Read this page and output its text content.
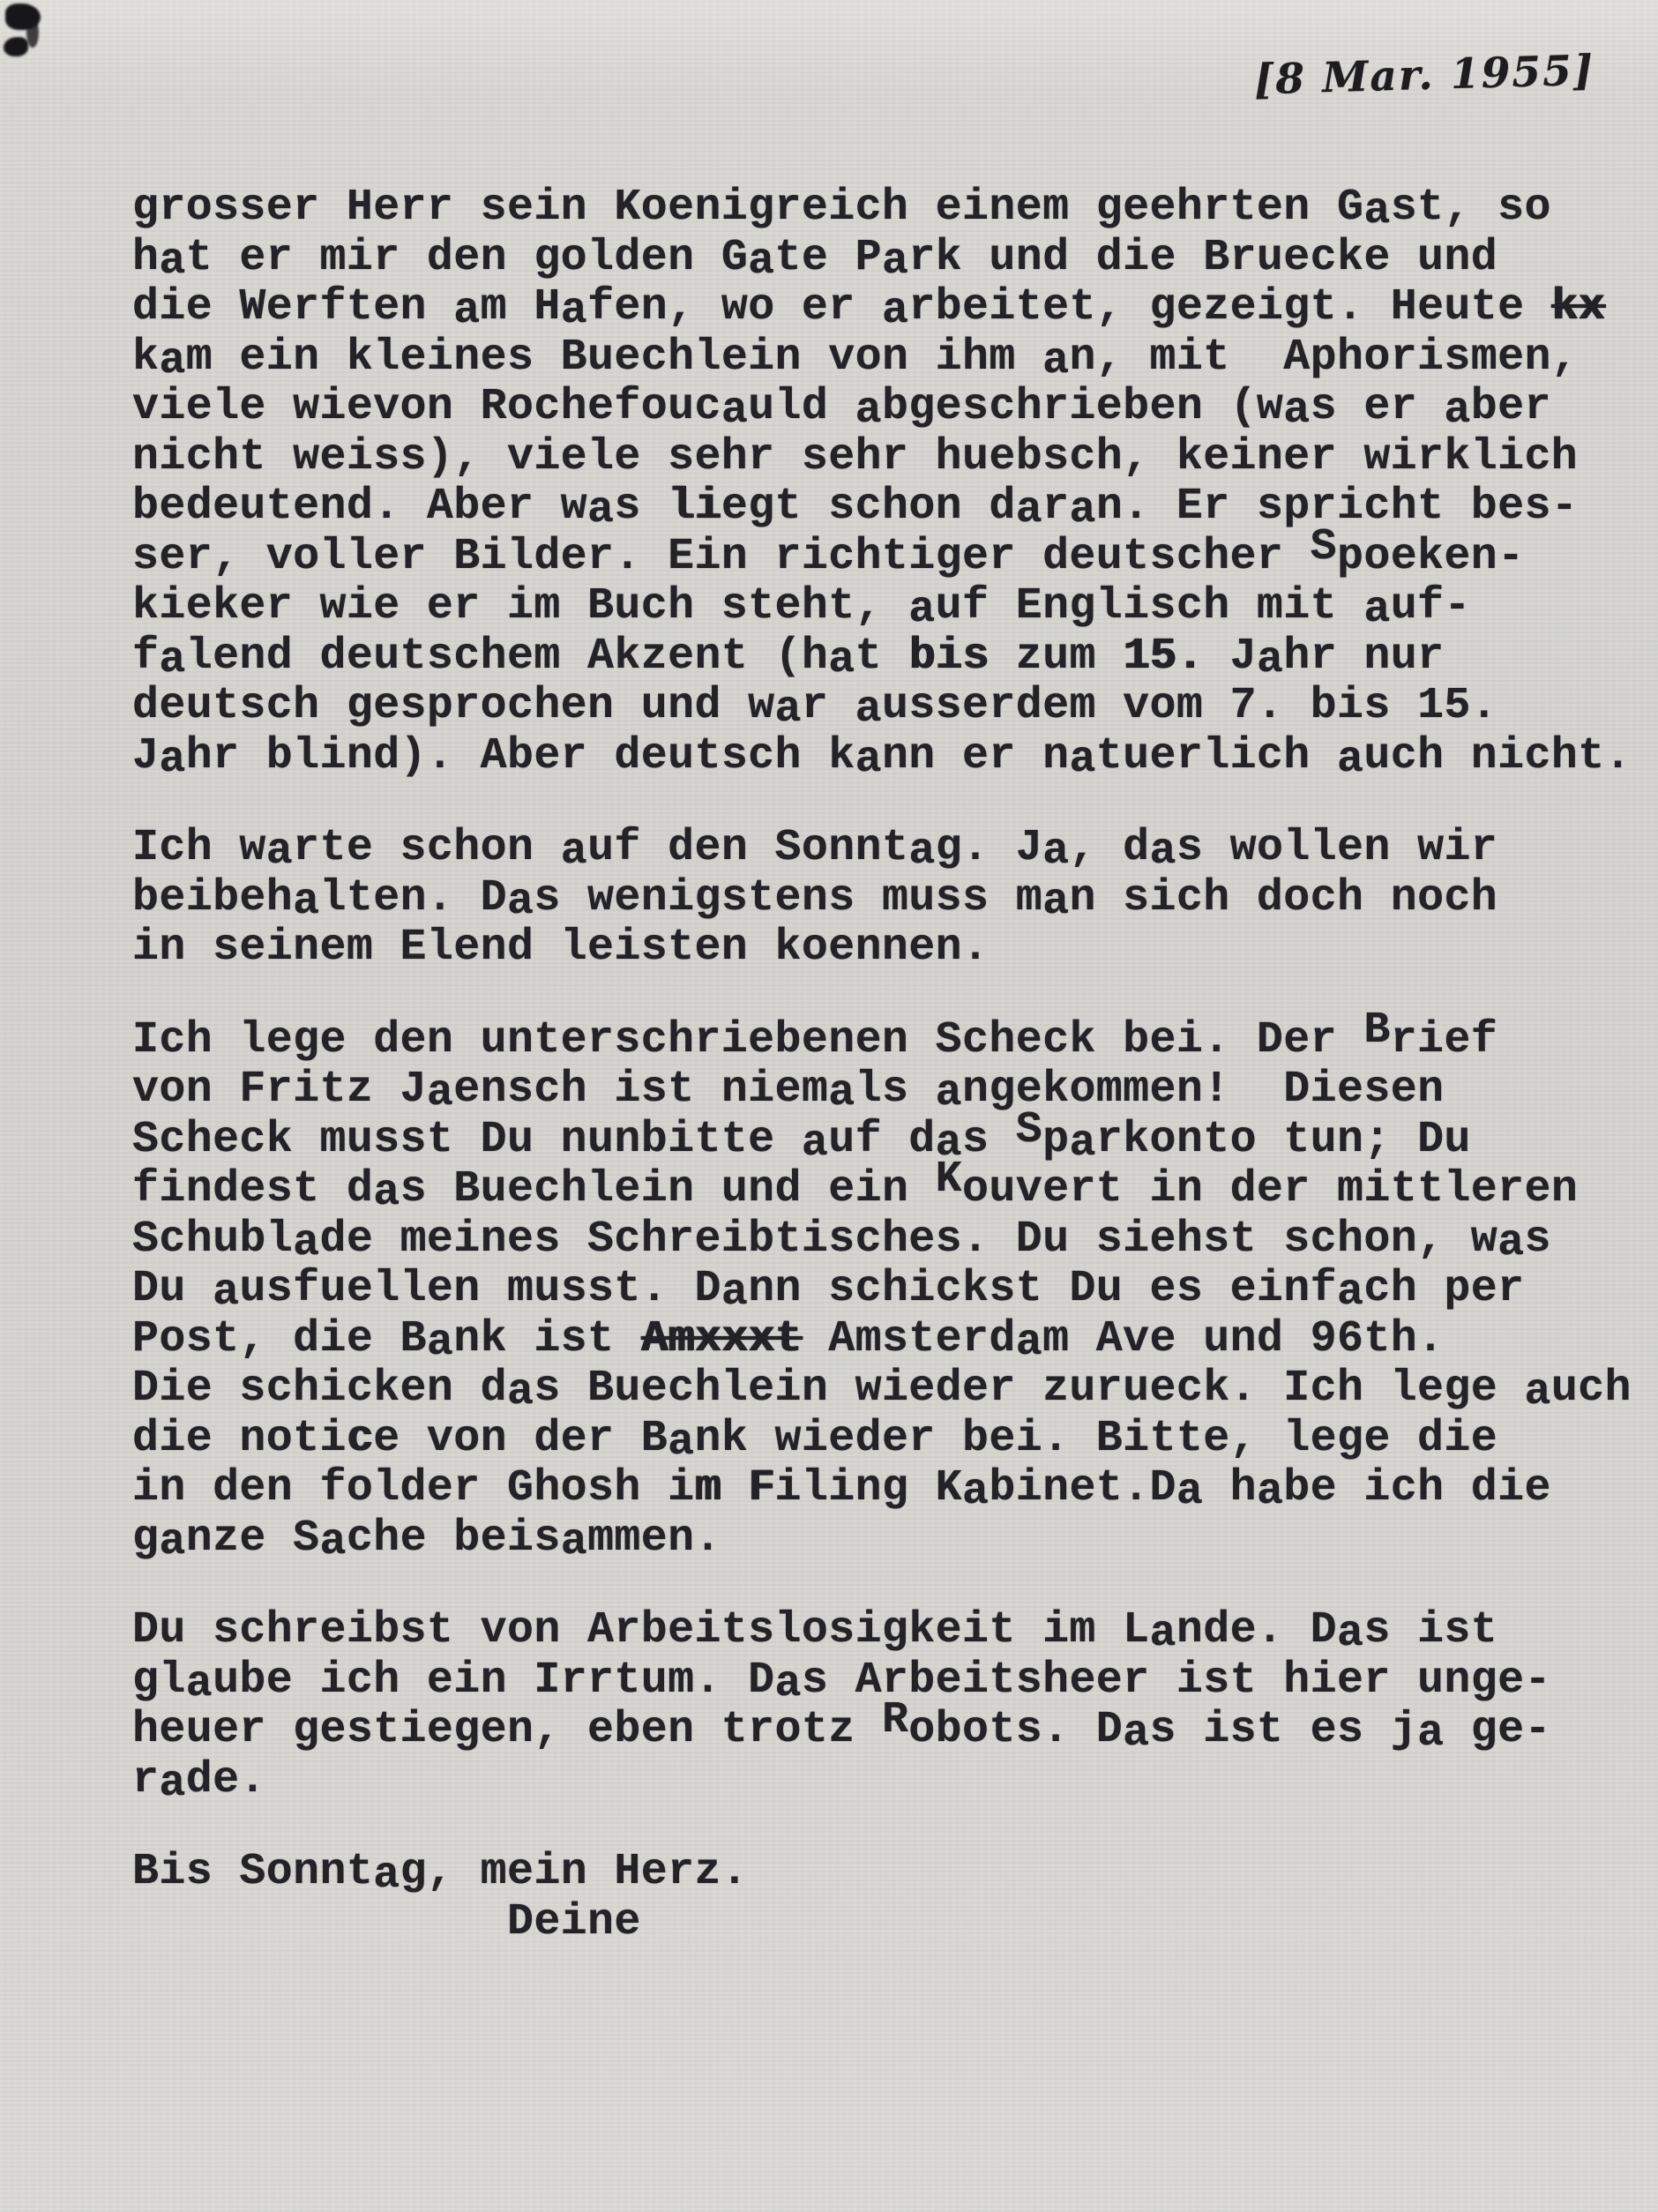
[8 Mar. 1955]

grosser Herr sein Koenigreich einem geehrten Gast, so
hat er mir den golden Gate Park und die Bruecke und
die Werften am Hafen, wo er arbeitet, gezeigt. Heute kx
kam ein kleines Buechlein von ihm an, mit  Aphorismen,
viele wievon Rochefoucauld abgeschrieben (was er aber
nicht weiss), viele sehr sehr huebsch, keiner wirklich
bedeutend. Aber was liegt schon daran. Er spricht bes-
ser, voller Bilder. Ein richtiger deutscher Spoeken-
kieker wie er im Buch steht, auf Englisch mit auf-
falend deutschem Akzent (hat bis zum 15. Jahr nur
deutsch gesprochen und war ausserdem vom 7. bis 15.
Jahr blind). Aber deutsch kann er natuerlich auch nicht.

Ich warte schon auf den Sonntag. Ja, das wollen wir
beibehalten. Das wenigstens muss man sich doch noch
in seinem Elend leisten koennen.

Ich lege den unterschriebenen Scheck bei. Der Brief
von Fritz Jaensch ist niemals angekommen!  Diesen
Scheck musst Du nunbitte auf das Sparkonto tun; Du
findest das Buechlein und ein Kouvert in der mittleren
Schublade meines Schreibtisches. Du siehst schon, was
Du ausfuellen musst. Dann schickst Du es einfach per
Post, die Bank ist Amxxxt Amsterdam Ave und 96th.
Die schicken das Buechlein wieder zurueck. Ich lege auch
die notice von der Bank wieder bei. Bitte, lege die
in den folder Ghosh im Filing Kabinet.Da habe ich die
ganze Sache beisammen.

Du schreibst von Arbeitslosigkeit im Lande. Das ist
glaube ich ein Irrtum. Das Arbeitsheer ist hier unge-
heuer gestiegen, eben trotz Robots. Das ist es ja ge-
rade.

Bis Sonntag, mein Herz.
Deine
